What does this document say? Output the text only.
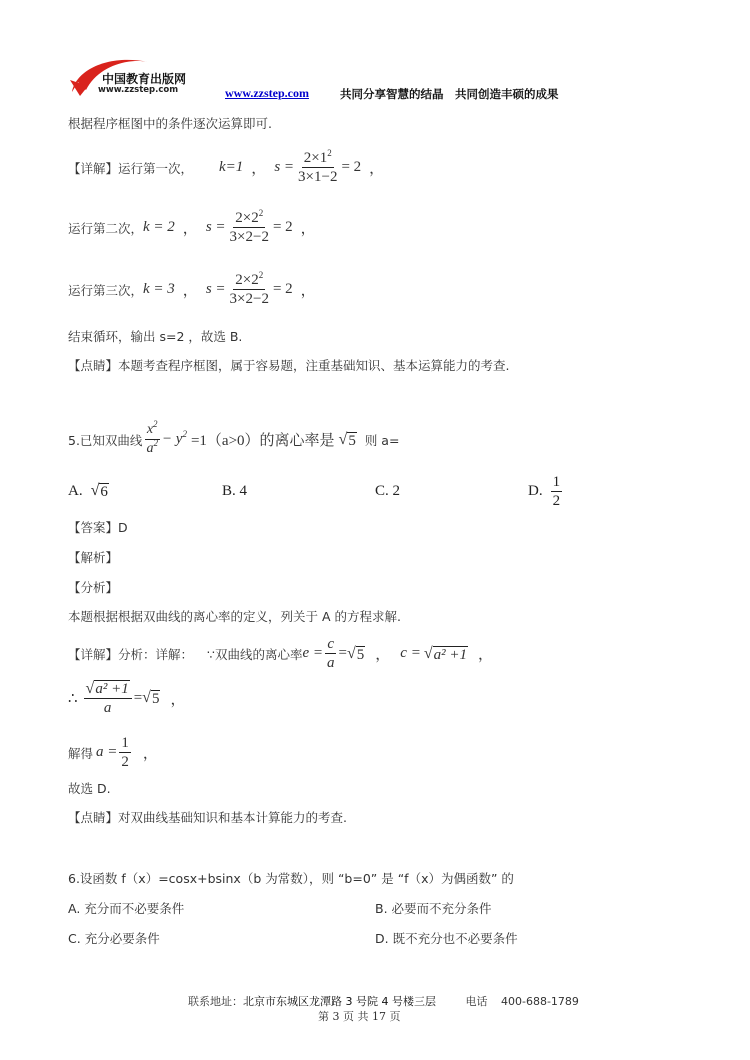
中国教育出版网
www.zzstep.com	www.zzstep.com	共同分享智慧的结晶　共同创造丰硕的成果
根据程序框图中的条件逐次运算即可.
【详解】运行第一次， k=1 ， $s = \frac{2\times 1^2}{3\times 1-2} = 2$ ，
运行第二次， k = 2 ， $s = \frac{2\times 2^2}{3\times 2-2} = 2$ ，
运行第三次， k = 3 ， $s = \frac{2\times 2^2}{3\times 2-2} = 2$ ，
结束循环，输出 s=2 ，故选 B.
【点睛】本题考查程序框图，属于容易题，注重基础知识、基本运算能力的考查.
5.已知双曲线 $\frac{x^2}{a^2} - y^2 =1(a>0)$的离心率是 √ 5 则 a=
A. √ 6	B. 4	C. 2	D. $\frac{1}{2}$
【答案】D
【解析】
【分析】
本题根据根据双曲线的离心率的定义，列关于 A 的方程求解.
【详解】分析：详解： ∵双曲线的离心率 $e = \frac{c}{a}$ = √ 5 ， c = √ a² +1 ，
∴ $\frac{\text{√ a² +1}}{a}$ = √ 5 ，
解得 $a = \frac{1}{2}$ ，
故选 D.
【点睛】对双曲线基础知识和基本计算能力的考查.
6.设函数 f（x）=cosx+bsinx（b 为常数），则 “b=0” 是 “f（x）为偶函数” 的
A. 充分而不必要条件	B. 必要而不充分条件
C. 充分必要条件	D. 既不充分也不必要条件
联系地址：北京市东城区龙潭路 3 号院 4 号楼三层	电话 400-688-1789
第 3 页 共 17 页
